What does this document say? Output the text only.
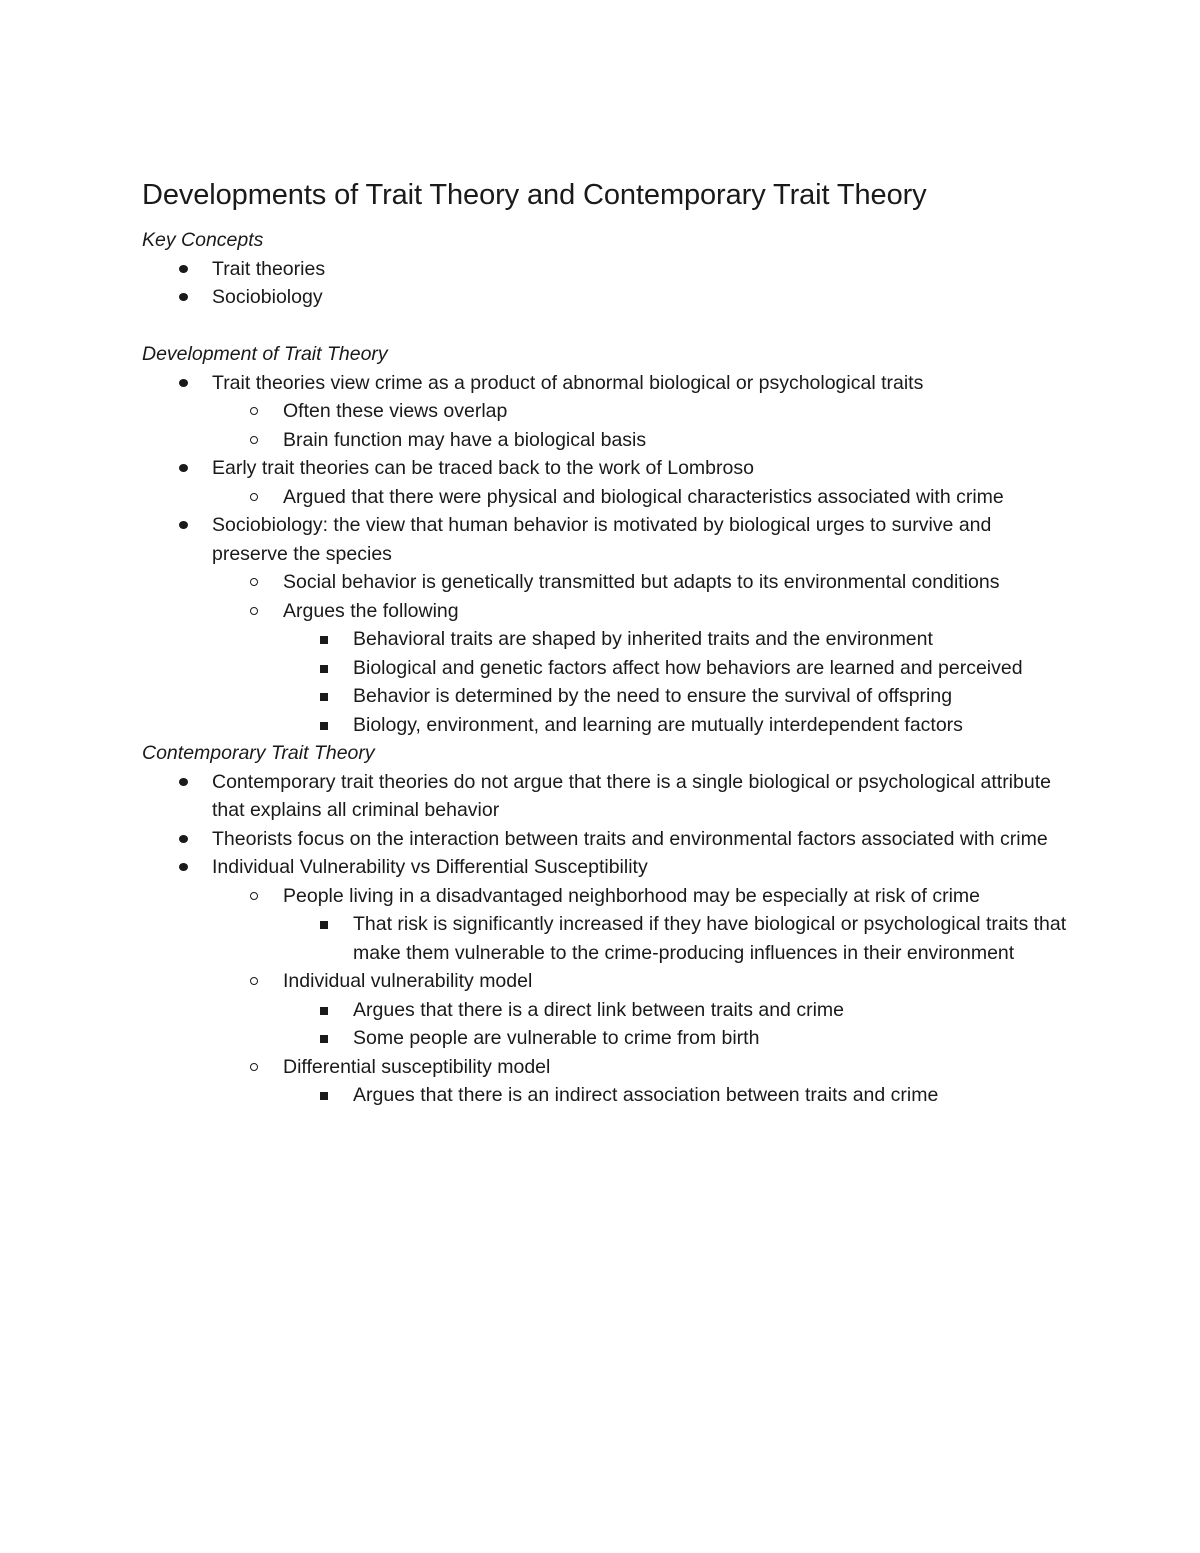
Developments of Trait Theory and Contemporary Trait Theory
Key Concepts
Trait theories
Sociobiology
Development of Trait Theory
Trait theories view crime as a product of abnormal biological or psychological traits
Often these views overlap
Brain function may have a biological basis
Early trait theories can be traced back to the work of Lombroso
Argued that there were physical and biological characteristics associated with crime
Sociobiology: the view that human behavior is motivated by biological urges to survive and preserve the species
Social behavior is genetically transmitted but adapts to its environmental conditions
Argues the following
Behavioral traits are shaped by inherited traits and the environment
Biological and genetic factors affect how behaviors are learned and perceived
Behavior is determined by the need to ensure the survival of offspring
Biology, environment, and learning are mutually interdependent factors
Contemporary Trait Theory
Contemporary trait theories do not argue that there is a single biological or psychological attribute that explains all criminal behavior
Theorists focus on the interaction between traits and environmental factors associated with crime
Individual Vulnerability vs Differential Susceptibility
People living in a disadvantaged neighborhood may be especially at risk of crime
That risk is significantly increased if they have biological or psychological traits that make them vulnerable to the crime-producing influences in their environment
Individual vulnerability model
Argues that there is a direct link between traits and crime
Some people are vulnerable to crime from birth
Differential susceptibility model
Argues that there is an indirect association between traits and crime
